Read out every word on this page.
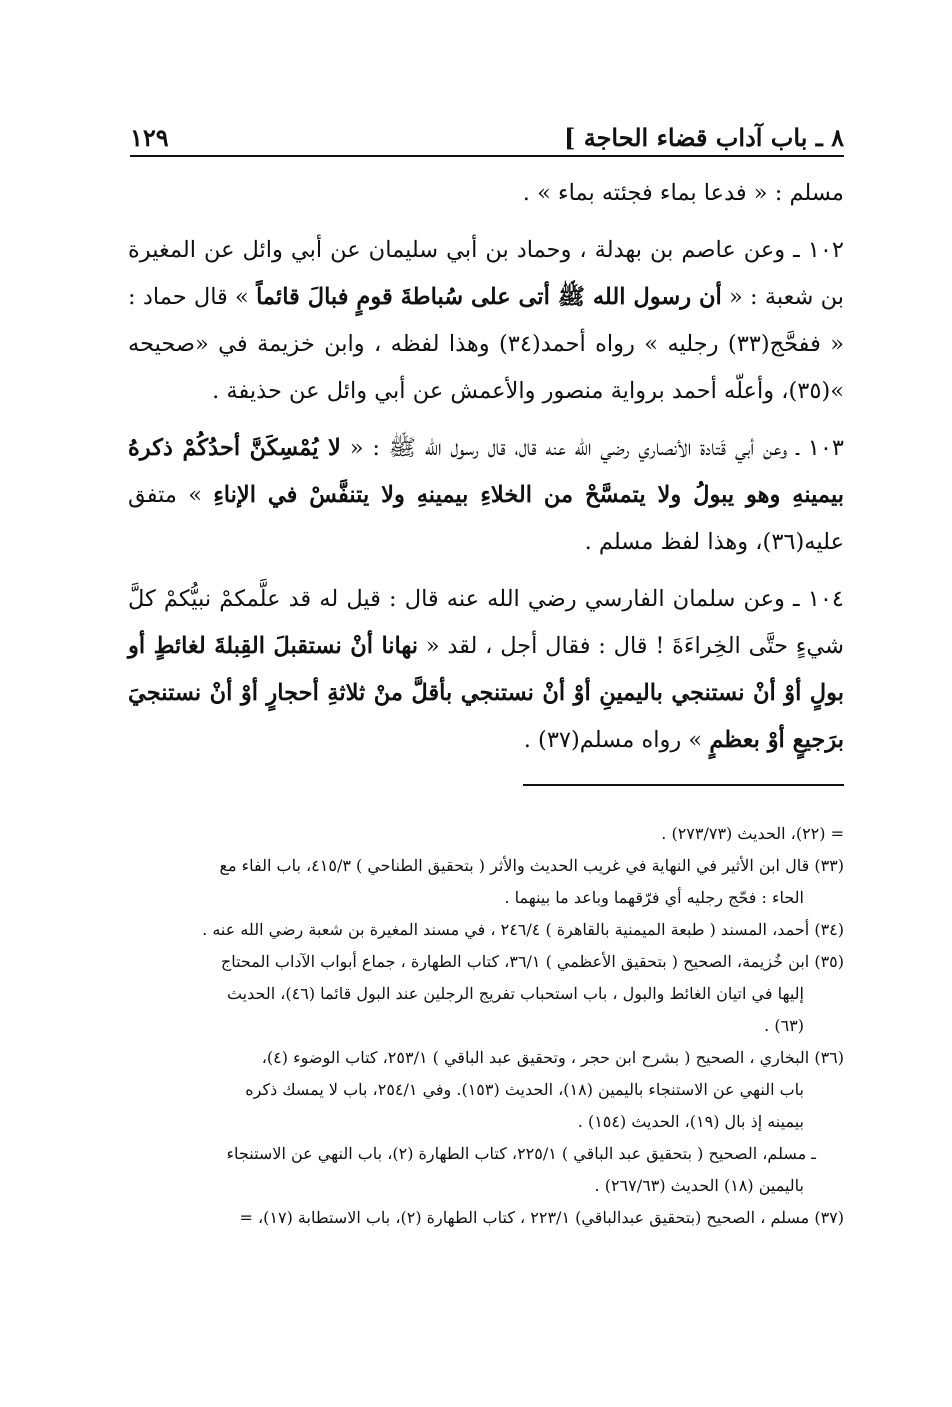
١٢٩	٨ ـ باب آداب قضاء الحاجة ]

مسلم : « فدعا بماء فجئته بماء » .

١٠٢ ـ وعن عاصم بن بهدلة ، وحماد بن أبي سليمان عن أبي وائل عن المغيرة بن شعبة : « أن رسول الله ﷺ أتى على سُباطةَ قومٍ فبالَ قائماً » قال حماد : « ففحَّج(٣٣) رجليه » رواه أحمد(٣٤) وهذا لفظه ، وابن خزيمة في «صحيحه »(٣٥)، وأعلّه أحمد برواية منصور والأعمش عن أبي وائل عن حذيفة .

١٠٣ ـ وعن أبي قَتادة الأنصاري رضي الله عنه قال، قال رسول الله ﷺ : « لا يُمْسِكَنَّ أحدُكُمْ ذكرهُ بيمينهِ وهو يبولُ ولا يتمسَّحْ من الخلاءِ بيمينهِ ولا يتنفَّسْ في الإناءِ » متفق عليه(٣٦)، وهذا لفظ مسلم .

١٠٤ ـ وعن سلمان الفارسي رضي الله عنه قال : قيل له قد علَّمكمْ نبيُّكمْ كلَّ شيءٍ حتَّى الخِراءَةَ ! قال : فقال أجل ، لقد « نهانا أنْ نستقبلَ القِبلةَ لغائطٍ أو بولٍ أوْ أنْ نستنجي باليمينِ أوْ أنْ نستنجي بأقلَّ منْ ثلاثةِ أحجارٍ أوْ أنْ نستنجيَ برَجيعٍ أوْ بعظمٍ » رواه مسلم(٣٧) .

= (٢٢)، الحديث (٢٧٣/٧٣) .

(٣٣) قال ابن الأثير في النهاية في غريب الحديث والأثر ( بتحقيق الطناحي ) ٤١٥/٣، باب الفاء مع

الحاء : فحّج رجليه أي فرّقهما وباعد ما بينهما .

(٣٤) أحمد، المسند ( طبعة الميمنية بالقاهرة ) ٢٤٦/٤ ، في مسند المغيرة بن شعبة رضي الله عنه .

(٣٥) ابن خُزيمة، الصحيح ( بتحقيق الأعظمي ) ٣٦/١، كتاب الطهارة ، جماع أبواب الآداب المحتاج

إليها في اتيان الغائط والبول ، باب استحباب تفريج الرجلين عند البول قائما (٤٦)، الحديث

(٦٣) .

(٣٦) البخاري ، الصحيح ( بشرح ابن حجر ، وتحقيق عبد الباقي ) ٢٥٣/١، كتاب الوضوء (٤)،

باب النهي عن الاستنجاء باليمين (١٨)، الحديث (١٥٣). وفي ٢٥٤/١، باب لا يمسك ذكره

بيمينه إذ بال (١٩)، الحديث (١٥٤) .

ـ مسلم، الصحيح ( بتحقيق عبد الباقي ) ٢٢٥/١، كتاب الطهارة (٢)، باب النهي عن الاستنجاء

باليمين (١٨) الحديث (٢٦٧/٦٣) .

(٣٧) مسلم ، الصحيح (بتحقيق عبدالباقي) ٢٢٣/١ ، كتاب الطهارة (٢)، باب الاستطابة (١٧)، =
